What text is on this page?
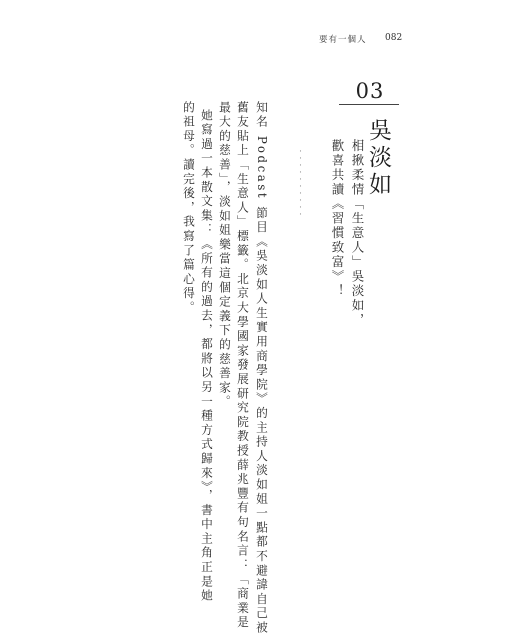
要有一個人 082
03
吳淡如
相揪柔情「生意人」吳淡如，
歡喜共讀《習慣致富》！
・・・・・・・・・・
知名 Podcast 節目《吳淡如人生實用商學院》的主持人淡如姐一點都不避諱自己被
舊友貼上「生意人」標籤。北京大學國家發展研究院教授薛兆豐有句名言：「商業是
最大的慈善」，淡如姐樂當這個定義下的慈善家。
她寫過一本散文集：《所有的過去，都將以另一種方式歸來》，書中主角正是她
的祖母。讀完後，我寫了篇心得。
